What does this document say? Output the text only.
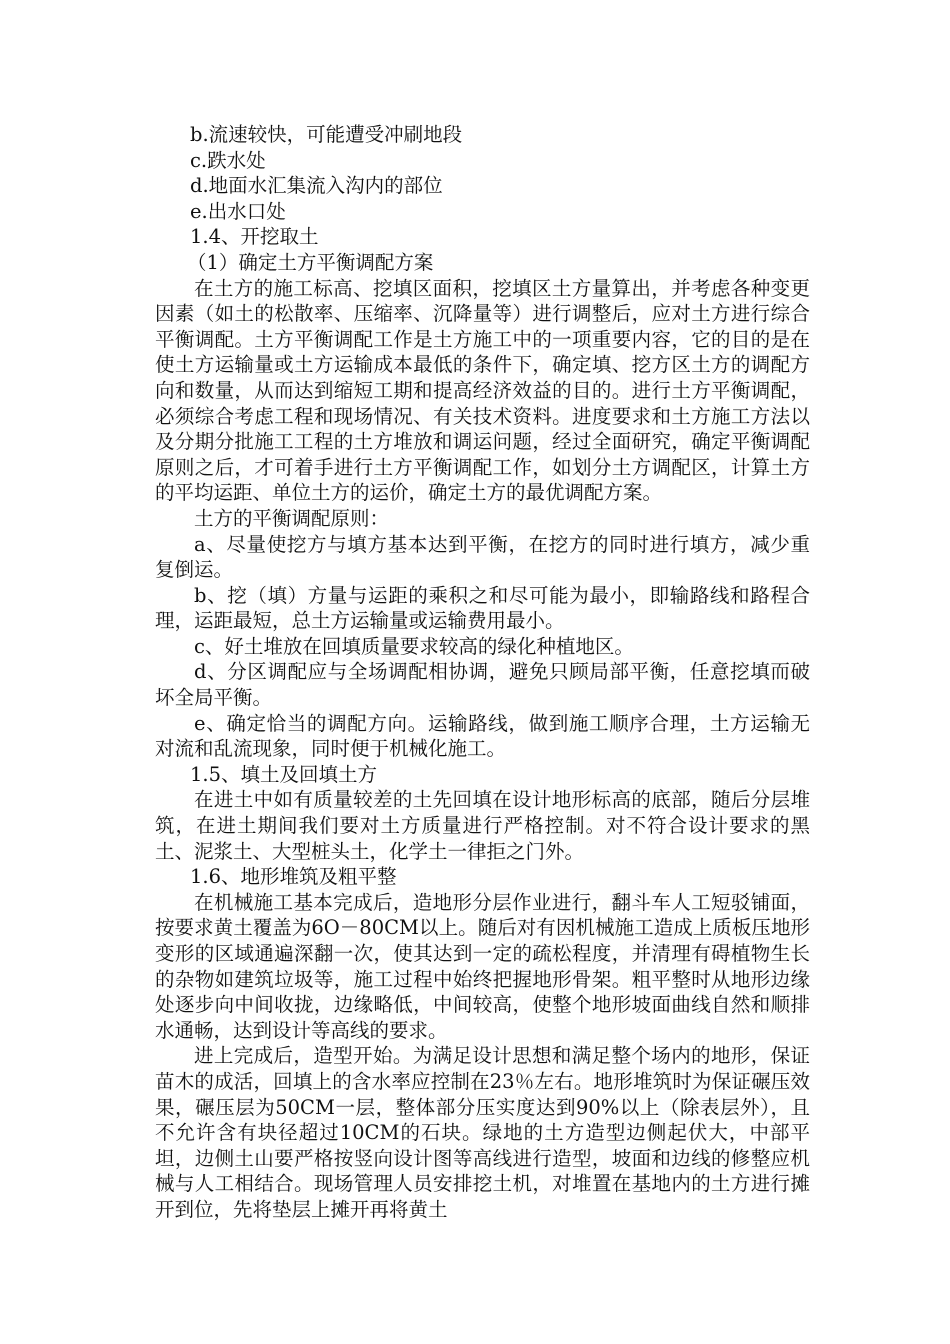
b.流速较快，可能遭受冲刷地段

c.跌水处

d.地面水汇集流入沟内的部位

e.出水口处

1.4、开挖取土

（1）确定土方平衡调配方案

在土方的施工标高、挖填区面积，挖填区土方量算出，并考虑各种变更因素（如土的松散率、压缩率、沉降量等）进行调整后，应对土方进行综合平衡调配。土方平衡调配工作是土方施工中的一项重要内容，它的目的是在使土方运输量或土方运输成本最低的条件下，确定填、挖方区土方的调配方向和数量，从而达到缩短工期和提高经济效益的目的。进行土方平衡调配，必须综合考虑工程和现场情况、有关技术资料。进度要求和土方施工方法以及分期分批施工工程的土方堆放和调运问题，经过全面研究，确定平衡调配原则之后，才可着手进行土方平衡调配工作，如划分土方调配区，计算土方的平均运距、单位土方的运价，确定土方的最优调配方案。

土方的平衡调配原则：

a、尽量使挖方与填方基本达到平衡，在挖方的同时进行填方，减少重复倒运。

b、挖（填）方量与运距的乘积之和尽可能为最小，即输路线和路程合理，运距最短，总土方运输量或运输费用最小。

c、好土堆放在回填质量要求较高的绿化种植地区。

d、分区调配应与全场调配相协调，避免只顾局部平衡，任意挖填而破坏全局平衡。

e、确定恰当的调配方向。运输路线，做到施工顺序合理，土方运输无对流和乱流现象，同时便于机械化施工。

1.5、填土及回填土方

在进土中如有质量较差的土先回填在设计地形标高的底部，随后分层堆筑，在进土期间我们要对土方质量进行严格控制。对不符合设计要求的黑土、泥浆土、大型桩头土，化学土一律拒之门外。

1.6、地形堆筑及粗平整

在机械施工基本完成后，造地形分层作业进行，翻斗车人工短驳铺面，按要求黄土覆盖为6O－80CM以上。随后对有因机械施工造成上质板压地形变形的区域通遍深翻一次，使其达到一定的疏松程度，并清理有碍植物生长的杂物如建筑垃圾等，施工过程中始终把握地形骨架。粗平整时从地形边缘处逐步向中间收拢，边缘略低，中间较高，使整个地形坡面曲线自然和顺排水通畅，达到设计等高线的要求。

进上完成后，造型开始。为满足设计思想和满足整个场内的地形，保证苗木的成活，回填上的含水率应控制在23％左右。地形堆筑时为保证碾压效果，碾压层为50CM一层，整体部分压实度达到90%以上（除表层外），且不允许含有块径超过10CM的石块。绿地的土方造型边侧起伏大，中部平坦，边侧土山要严格按竖向设计图等高线进行造型，坡面和边线的修整应机械与人工相结合。现场管理人员安排挖土机，对堆置在基地内的土方进行摊开到位，先将垫层上摊开再将黄土
